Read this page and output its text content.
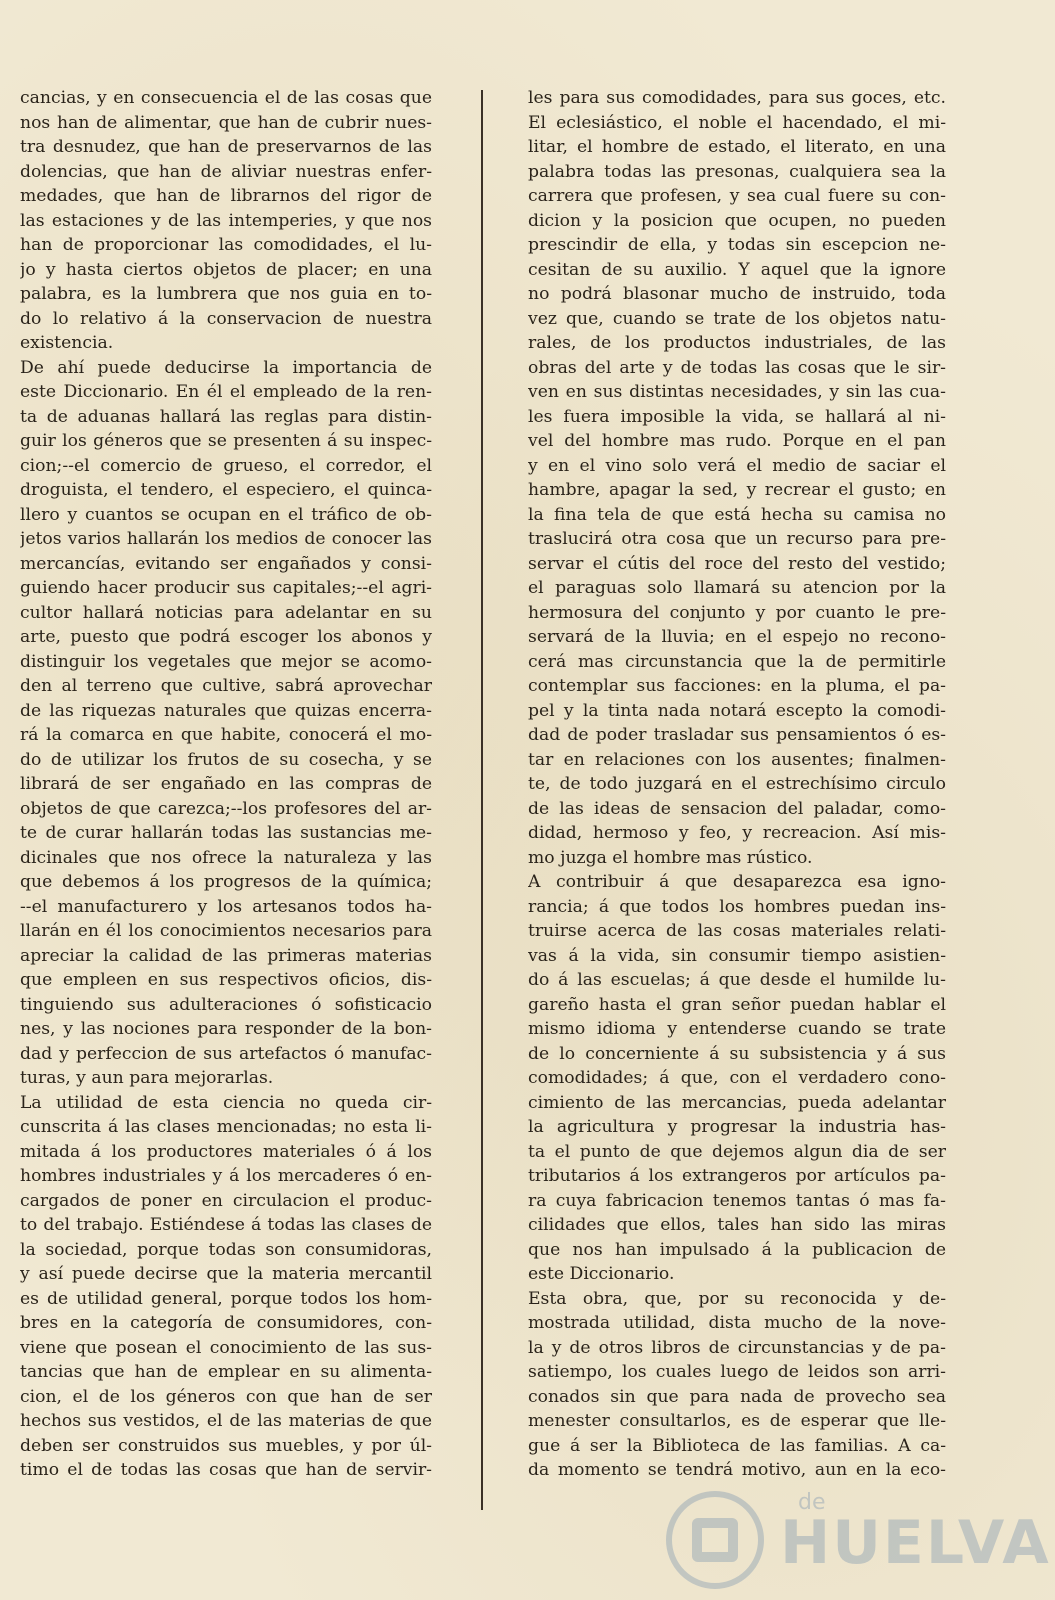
cancias, y en consecuencia el de las cosas que
nos han de alimentar, que han de cubrir nues-
tra desnudez, que han de preservarnos de las
dolencias, que han de aliviar nuestras enfer-
medades, que han de librarnos del rigor de
las estaciones y de las intemperies, y que nos
han de proporcionar las comodidades, el lu-
jo y hasta ciertos objetos de placer; en una
palabra, es la lumbrera que nos guia en to-
do lo relativo á la conservacion de nuestra
existencia.
De ahí puede deducirse la importancia de
este Diccionario. En él el empleado de la ren-
ta de aduanas hallará las reglas para distin-
guir los géneros que se presenten á su inspec-
cion;--el comercio de grueso, el corredor, el
droguista, el tendero, el especiero, el quinca-
llero y cuantos se ocupan en el tráfico de ob-
jetos varios hallarán los medios de conocer las
mercancías, evitando ser engañados y consi-
guiendo hacer producir sus capitales;--el agri-
cultor hallará noticias para adelantar en su
arte, puesto que podrá escoger los abonos y
distinguir los vegetales que mejor se acomo-
den al terreno que cultive, sabrá aprovechar
de las riquezas naturales que quizas encerra-
rá la comarca en que habite, conocerá el mo-
do de utilizar los frutos de su cosecha, y se
librará de ser engañado en las compras de
objetos de que carezca;--los profesores del ar-
te de curar hallarán todas las sustancias me-
dicinales que nos ofrece la naturaleza y las
que debemos á los progresos de la química;
--el manufacturero y los artesanos todos ha-
llarán en él los conocimientos necesarios para
apreciar la calidad de las primeras materias
que empleen en sus respectivos oficios, dis-
tinguiendo sus adulteraciones ó sofisticacio
nes, y las nociones para responder de la bon-
dad y perfeccion de sus artefactos ó manufac-
turas, y aun para mejorarlas.
La utilidad de esta ciencia no queda cir-
cunscrita á las clases mencionadas; no esta li-
mitada á los productores materiales ó á los
hombres industriales y á los mercaderes ó en-
cargados de poner en circulacion el produc-
to del trabajo. Estiéndese á todas las clases de
la sociedad, porque todas son consumidoras,
y así puede decirse que la materia mercantil
es de utilidad general, porque todos los hom-
bres en la categoría de consumidores, con-
viene que posean el conocimiento de las sus-
tancias que han de emplear en su alimenta-
cion, el de los géneros con que han de ser
hechos sus vestidos, el de las materias de que
deben ser construidos sus muebles, y por úl-
timo el de todas las cosas que han de servir-
les para sus comodidades, para sus goces, etc.
El eclesiástico, el noble el hacendado, el mi-
litar, el hombre de estado, el literato, en una
palabra todas las presonas, cualquiera sea la
carrera que profesen, y sea cual fuere su con-
dicion y la posicion que ocupen, no pueden
prescindir de ella, y todas sin escepcion ne-
cesitan de su auxilio. Y aquel que la ignore
no podrá blasonar mucho de instruido, toda
vez que, cuando se trate de los objetos natu-
rales, de los productos industriales, de las
obras del arte y de todas las cosas que le sir-
ven en sus distintas necesidades, y sin las cua-
les fuera imposible la vida, se hallará al ni-
vel del hombre mas rudo. Porque en el pan
y en el vino solo verá el medio de saciar el
hambre, apagar la sed, y recrear el gusto; en
la fina tela de que está hecha su camisa no
traslucirá otra cosa que un recurso para pre-
servar el cútis del roce del resto del vestido;
el paraguas solo llamará su atencion por la
hermosura del conjunto y por cuanto le pre-
servará de la lluvia; en el espejo no recono-
cerá mas circunstancia que la de permitirle
contemplar sus facciones: en la pluma, el pa-
pel y la tinta nada notará escepto la comodi-
dad de poder trasladar sus pensamientos ó es-
tar en relaciones con los ausentes; finalmen-
te, de todo juzgará en el estrechísimo circulo
de las ideas de sensacion del paladar, como-
didad, hermoso y feo, y recreacion. Así mis-
mo juzga el hombre mas rústico.
A contribuir á que desaparezca esa igno-
rancia; á que todos los hombres puedan ins-
truirse acerca de las cosas materiales relati-
vas á la vida, sin consumir tiempo asistien-
do á las escuelas; á que desde el humilde lu-
gareño hasta el gran señor puedan hablar el
mismo idioma y entenderse cuando se trate
de lo concerniente á su subsistencia y á sus
comodidades; á que, con el verdadero cono-
cimiento de las mercancias, pueda adelantar
la agricultura y progresar la industria has-
ta el punto de que dejemos algun dia de ser
tributarios á los extrangeros por artículos pa-
ra cuya fabricacion tenemos tantas ó mas fa-
cilidades que ellos, tales han sido las miras
que nos han impulsado á la publicacion de
este Diccionario.
Esta obra, que, por su reconocida y de-
mostrada utilidad, dista mucho de la nove-
la y de otros libros de circunstancias y de pa-
satiempo, los cuales luego de leidos son arri-
conados sin que para nada de provecho sea
menester consultarlos, es de esperar que lle-
gue á ser la Biblioteca de las familias. A ca-
da momento se tendrá motivo, aun en la eco-
de
HUELVA
